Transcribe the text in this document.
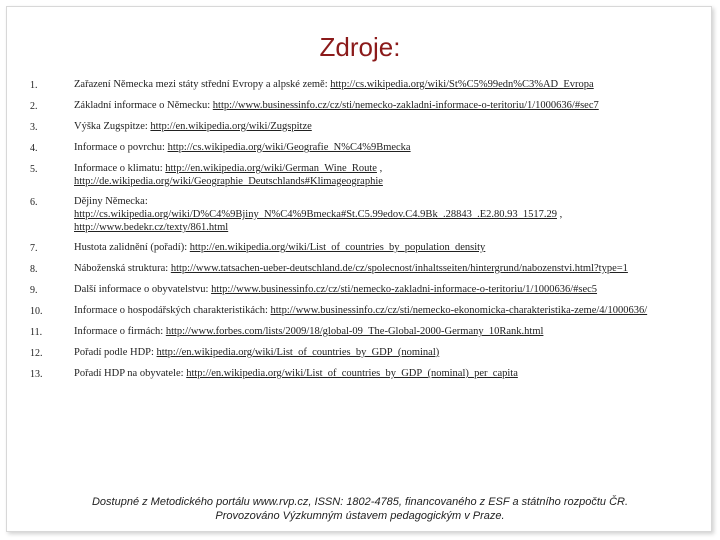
Zdroje:
1.	Zařazení Německa mezi státy střední Evropy a alpské země: http://cs.wikipedia.org/wiki/St%C5%99edn%C3%AD_Evropa
2.	Základní informace o Německu: http://www.businessinfo.cz/cz/sti/nemecko-zakladni-informace-o-teritoriu/1/1000636/#sec7
3.	Výška Zugspitze: http://en.wikipedia.org/wiki/Zugspitze
4.	Informace o povrchu: http://cs.wikipedia.org/wiki/Geografie_N%C4%9Bmecka
5.	Informace o klimatu: http://en.wikipedia.org/wiki/German_Wine_Route ,
http://de.wikipedia.org/wiki/Geographie_Deutschlands#Klimageographie
6.	Dějiny Německa:
http://cs.wikipedia.org/wiki/D%C4%9Bjiny_N%C4%9Bmecka#St.C5.99edov.C4.9Bk_.28843_.E2.80.93_1517.29 ,
http://www.bedekr.cz/texty/861.html
7.	Hustota zalidnění (pořadí): http://en.wikipedia.org/wiki/List_of_countries_by_population_density
8.	Náboženská struktura: http://www.tatsachen-ueber-deutschland.de/cz/spolecnost/inhaltsseiten/hintergrund/nabozenstvi.html?type=1
9.	Další informace o obyvatelstvu: http://www.businessinfo.cz/cz/sti/nemecko-zakladni-informace-o-teritoriu/1/1000636/#sec5
10.	Informace o hospodářských charakteristikách: http://www.businessinfo.cz/cz/sti/nemecko-ekonomicka-charakteristika-zeme/4/1000636/
11.	Informace o firmách: http://www.forbes.com/lists/2009/18/global-09_The-Global-2000-Germany_10Rank.html
12.	Pořadí podle HDP: http://en.wikipedia.org/wiki/List_of_countries_by_GDP_(nominal)
13.	Pořadí HDP na obyvatele: http://en.wikipedia.org/wiki/List_of_countries_by_GDP_(nominal)_per_capita
Dostupné z Metodického portálu www.rvp.cz, ISSN: 1802-4785, financovaného z ESF a státního rozpočtu ČR.
Provozováno Výzkumným ústavem pedagogickým v Praze.
